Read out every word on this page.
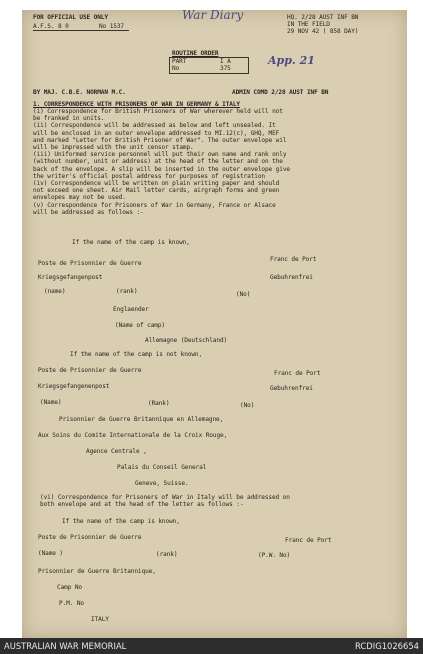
FOR OFFICIAL USE ONLY
A.F.S. 8 0	No 1537
War Diary
App. 21
HQ. 2/28 AUST INF BN
IN THE FIELD
29 NOV 42 ( 858 DAY)
ROUTINE ORDER
PART	I A
No	375
BY MAJ. C.B.E. NORMAN M.C.	ADMIN COMD 2/28 AUST INF BN
1. CORRESPONDENCE WITH PRISONERS OF WAR IN GERMANY & ITALY
(i) Correspondence for British Prisoners of War wherever held will not
be franked in units.
(ii) Correspondence will be addressed as below and left unsealed. It
will be enclosed in an outer envelope addressed to MI.12(c), GHQ, MEF
and marked "Letter for British Prisoner of War". The outer envelope wil
will be impressed with the unit censor stamp.
(iii) Uniformed service personnel will put their own name and rank only
(without number, unit or address) at the head of the letter and on the
back of the envelope. A slip will be inserted in the outer envelope give
the writer's official postal address for purposes of registration
(iv) Correspondence will be written on plain writing paper and should
not exceed one sheet. Air Mail letter cards, airgraph forms and green
envelopes may not be used.
(v) Correspondence for Prisoners of War in Germany, France or Alsace
will be addressed as follows :-
If the name of the camp is known,
Poste de Prisonnier de Guerre
Franc de Port
Kriegsgefangenpost	Gebuhrenfrei
(name)	(rank)	(No)
Englaender
(Name of camp)
Allemagne (Deutschland)
If the name of the camp is not known,
Poste de Prisonnier de Guerre	Franc de Port
Kriegsgefangenenpost	Gebuhrenfrei
(Name)	(Rank)	(No)
Prisonnier de Guerre Britannique en Allemagne,
Aux Soins du Comite Internationale de la Croix Rouge,
Agence Centrale ,
Palais du Conseil General
Geneve, Suisse.
(vi) Correspondence for Prisoners of War in Italy will be addressed on
both envelope and at the head of the letter as follows :-
If the name of the camp is known,
Poste de Prisonnier de Guerre	Franc de Port
(Name )	(rank)	(P.W. No)
Prisonnier de Guerre Britannique,
Camp No
P.M. No
ITALY
AUSTRALIAN WAR MEMORIAL	RCDIG1026654
